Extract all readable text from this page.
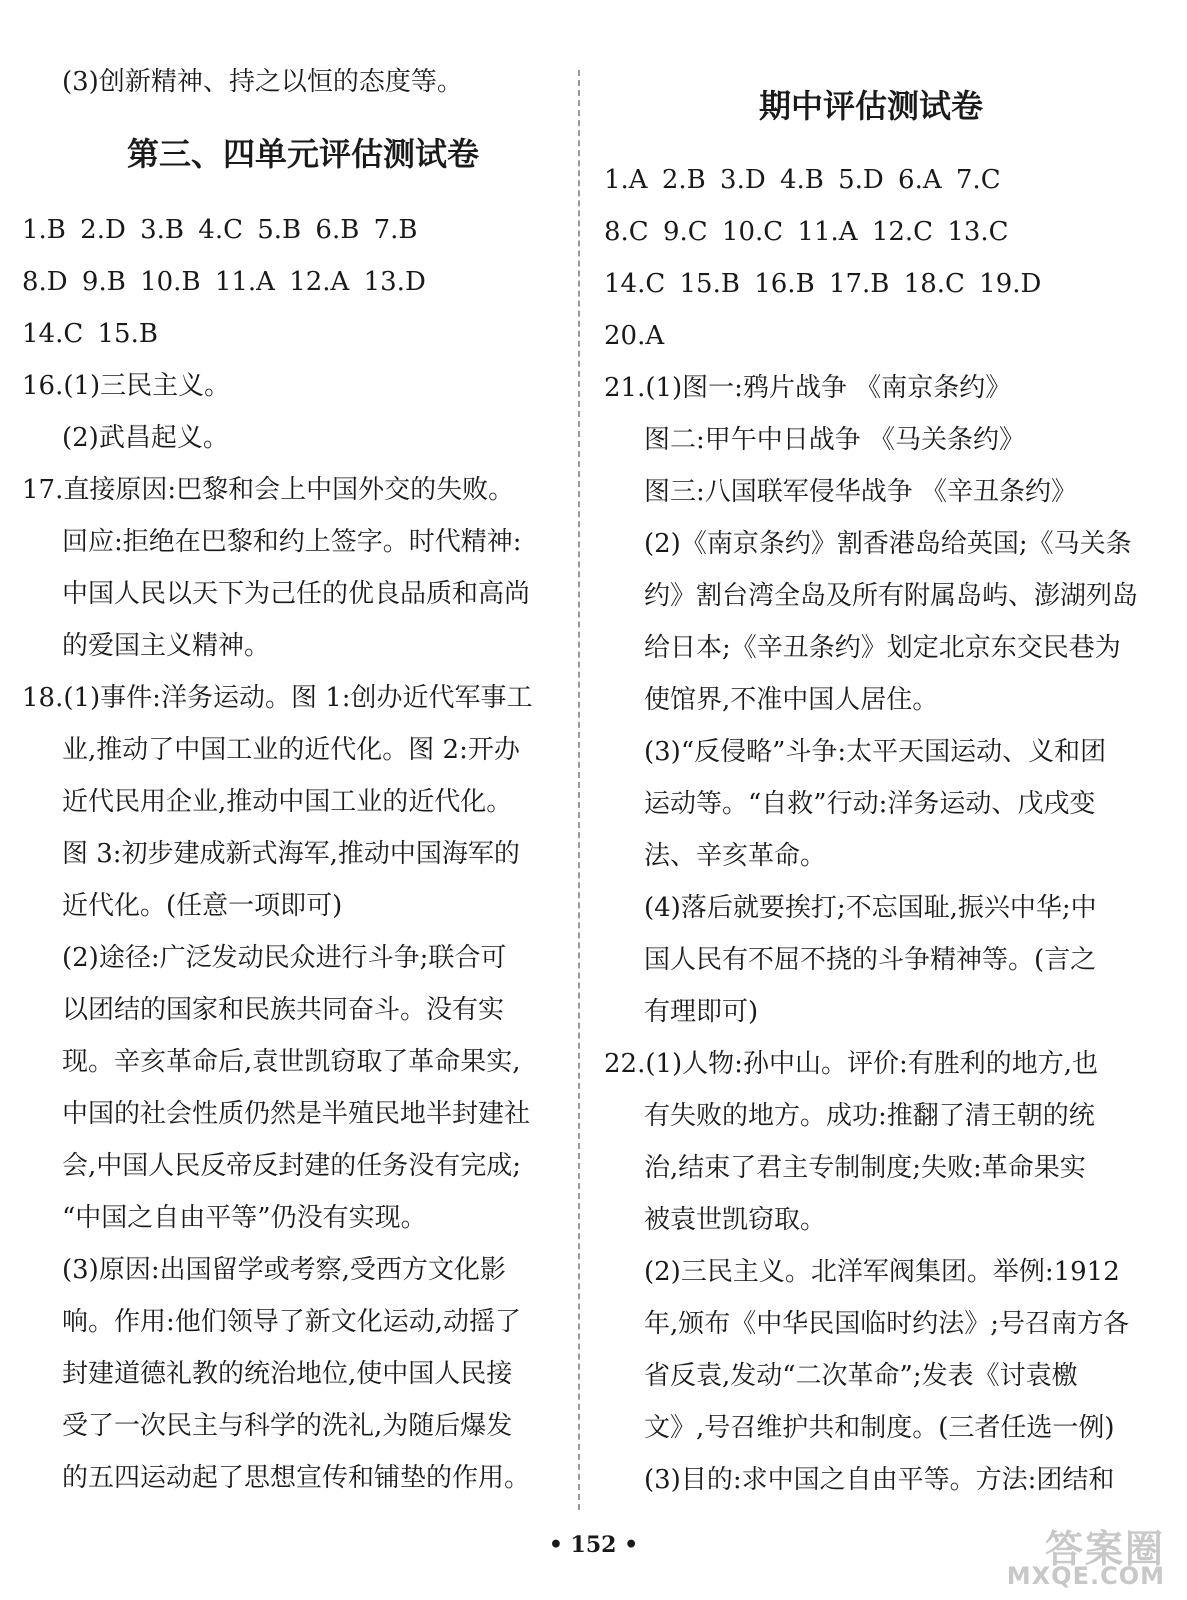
(3)创新精神、持之以恒的态度等。
第三、四单元评估测试卷
1.B 2.D 3.B 4.C 5.B 6.B 7.B
8.D 9.B 10.B 11.A 12.A 13.D
14.C 15.B
16.(1)三民主义。
(2)武昌起义。
17.直接原因:巴黎和会上中国外交的失败。
回应:拒绝在巴黎和约上签字。时代精神:
中国人民以天下为己任的优良品质和高尚
的爱国主义精神。
18.(1)事件:洋务运动。图 1:创办近代军事工
业,推动了中国工业的近代化。图 2:开办
近代民用企业,推动中国工业的近代化。
图 3:初步建成新式海军,推动中国海军的
近代化。(任意一项即可)
(2)途径:广泛发动民众进行斗争;联合可
以团结的国家和民族共同奋斗。没有实
现。辛亥革命后,袁世凯窃取了革命果实,
中国的社会性质仍然是半殖民地半封建社
会,中国人民反帝反封建的任务没有完成;
“中国之自由平等”仍没有实现。
(3)原因:出国留学或考察,受西方文化影
响。作用:他们领导了新文化运动,动摇了
封建道德礼教的统治地位,使中国人民接
受了一次民主与科学的洗礼,为随后爆发
的五四运动起了思想宣传和铺垫的作用。
期中评估测试卷
1.A 2.B 3.D 4.B 5.D 6.A 7.C
8.C 9.C 10.C 11.A 12.C 13.C
14.C 15.B 16.B 17.B 18.C 19.D
20.A
21.(1)图一:鸦片战争 《南京条约》
图二:甲午中日战争 《马关条约》
图三:八国联军侵华战争 《辛丑条约》
(2)《南京条约》割香港岛给英国;《马关条
约》割台湾全岛及所有附属岛屿、澎湖列岛
给日本;《辛丑条约》划定北京东交民巷为
使馆界,不准中国人居住。
(3)“反侵略”斗争:太平天国运动、义和团
运动等。“自救”行动:洋务运动、戊戌变
法、辛亥革命。
(4)落后就要挨打;不忘国耻,振兴中华;中
国人民有不屈不挠的斗争精神等。(言之
有理即可)
22.(1)人物:孙中山。评价:有胜利的地方,也
有失败的地方。成功:推翻了清王朝的统
治,结束了君主专制制度;失败:革命果实
被袁世凯窃取。
(2)三民主义。北洋军阀集团。举例:1912
年,颁布《中华民国临时约法》;号召南方各
省反袁,发动“二次革命”;发表《讨袁檄
文》,号召维护共和制度。(三者任选一例)
(3)目的:求中国之自由平等。方法:团结和
• 152 •	答案圈
MXQE.COM
